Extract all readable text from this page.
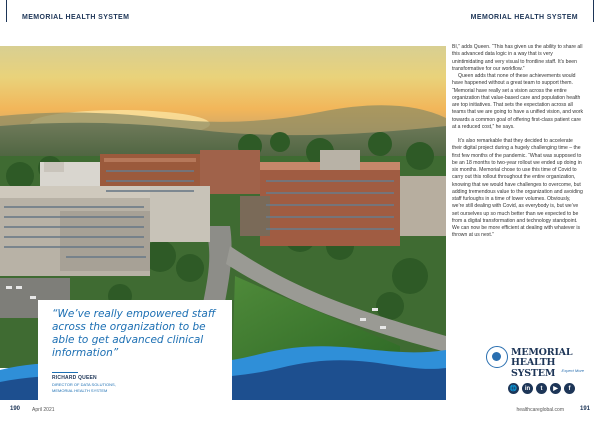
MEMORIAL HEALTH SYSTEM	MEMORIAL HEALTH SYSTEM
“We’ve really empowered staff across the organization to be able to get advanced clinical information”
RICHARD QUEEN
DIRECTOR OF DATA SOLUTIONS,
MEMORIAL HEALTH SYSTEM

BI,” adds Queen. “This has given us the ability to share all this advanced data logic in a way that is very unintimidating and very visual to frontline staff. It’s been transformative for our workflow.”

Queen adds that none of these achievements would have happened without a great team to support them. “Memorial have really set a vision across the entire organization that value-based care and population health are top initiatives. That sets the expectation across all teams that we are going to have a unified vision, and work towards a common goal of offering first-class patient care at a reduced cost,” he says.

It’s also remarkable that they decided to accelerate their digital project during a hugely challenging time – the first few months of the pandemic. “What was supposed to be an 18 months to two-year rollout we ended up doing in six months. Memorial chose to use this time of Covid to carry out this rollout throughout the entire organization, knowing that we would have challenges to overcome, but adding tremendous value to the organization and avoiding staff furloughs in a time of lower volumes. Obviously, we’re still dealing with Covid, as everybody is, but we’ve set ourselves up so much better than we expected to be from a digital transformation and technology standpoint. We can now be more efficient at dealing with whatever is thrown at us next.”

MEMORIAL
HEALTH SYSTEM	Expect More
🌐	in	t	▶	f
190 April 2021	healthcareglobal.com	191
